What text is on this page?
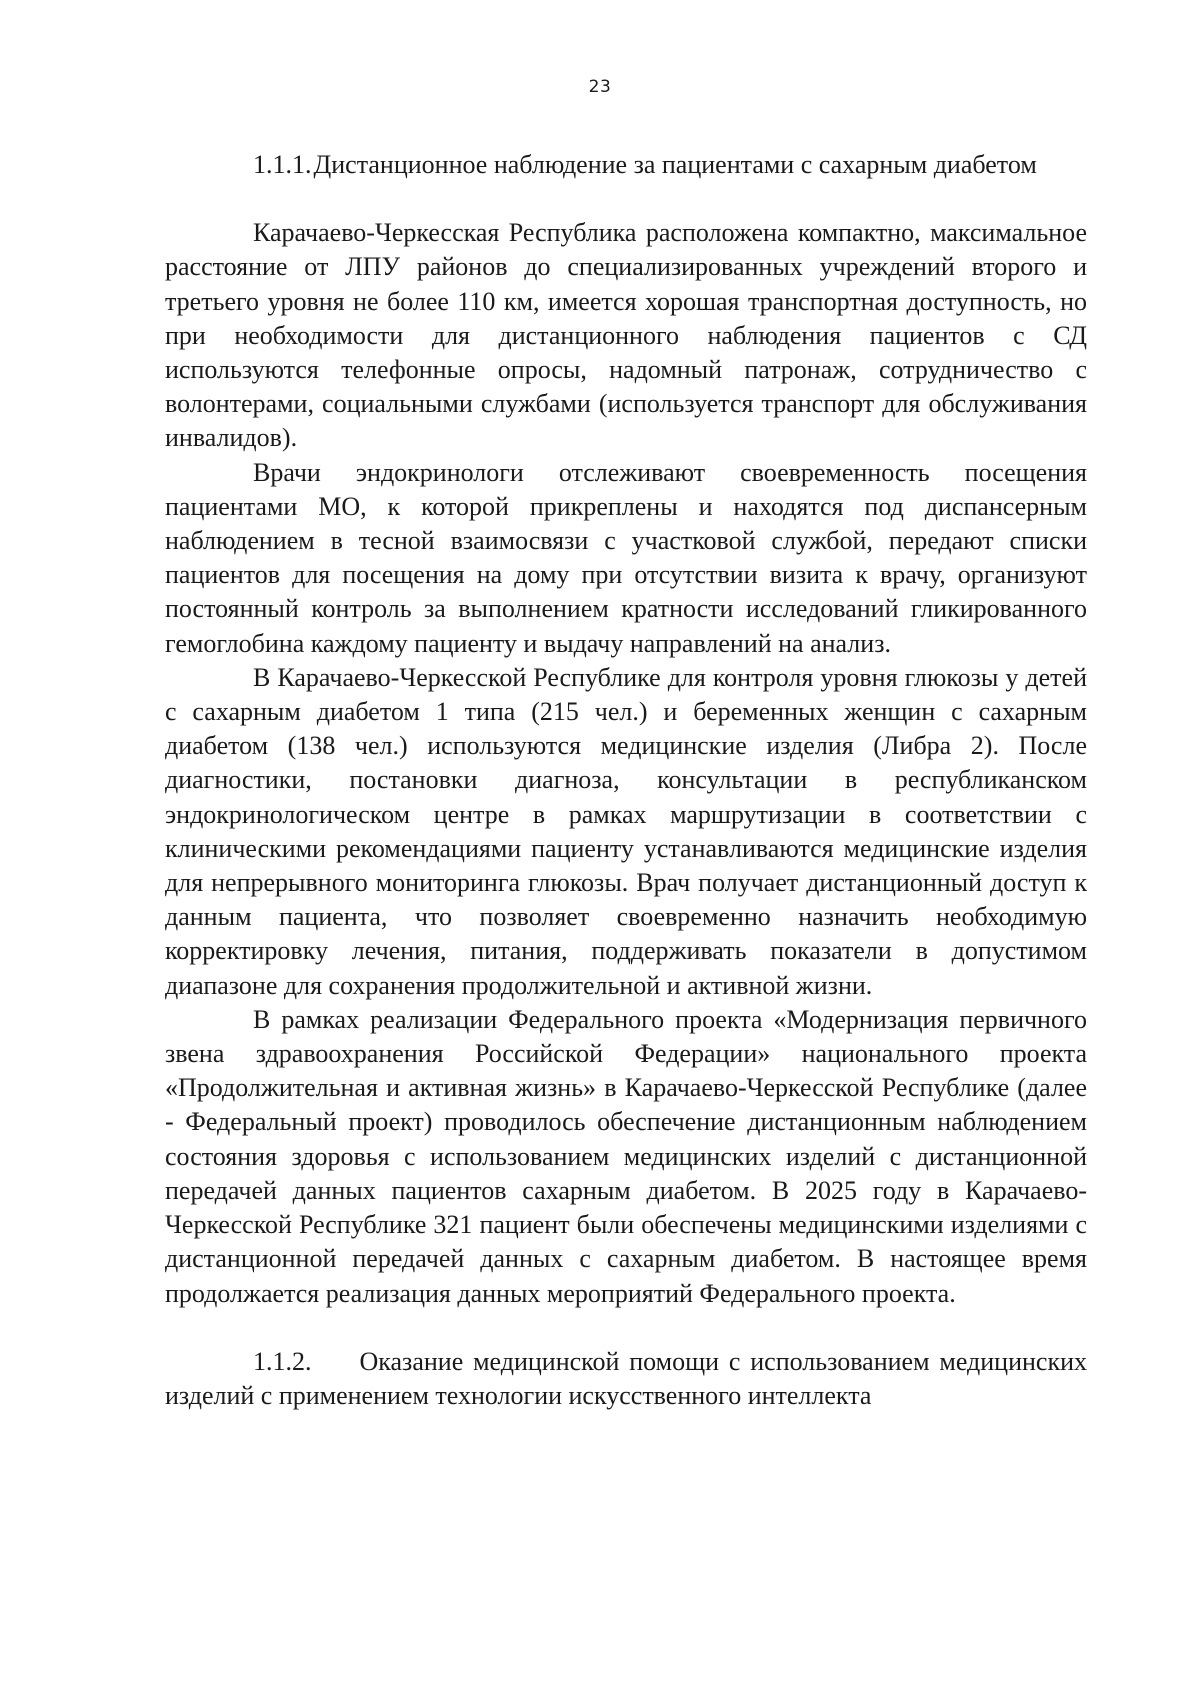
23

1.1.1.Дистанционное наблюдение за пациентами с сахарным диабетом

Карачаево-Черкесская Республика расположена компактно, максимальное расстояние от ЛПУ районов до специализированных учреждений второго и третьего уровня не более 110 км, имеется хорошая транспортная доступность, но при необходимости для дистанционного наблюдения пациентов с СД используются телефонные опросы, надомный патронаж, сотрудничество с волонтерами, социальными службами (используется транспорт для обслуживания инвалидов).

Врачи эндокринологи отслеживают своевременность посещения пациентами МО, к которой прикреплены и находятся под диспансерным наблюдением в тесной взаимосвязи с участковой службой, передают списки пациентов для посещения на дому при отсутствии визита к врачу, организуют постоянный контроль за выполнением кратности исследований гликированного гемоглобина каждому пациенту и выдачу направлений на анализ.

В Карачаево-Черкесской Республике для контроля уровня глюкозы у детей с сахарным диабетом 1 типа (215 чел.) и беременных женщин с сахарным диабетом (138 чел.) используются медицинские изделия (Либра 2). После диагностики, постановки диагноза, консультации в республиканском эндокринологическом центре в рамках маршрутизации в соответствии с клиническими рекомендациями пациенту устанавливаются медицинские изделия для непрерывного мониторинга глюкозы. Врач получает дистанционный доступ к данным пациента, что позволяет своевременно назначить необходимую корректировку лечения, питания, поддерживать показатели в допустимом диапазоне для сохранения продолжительной и активной жизни.

В рамках реализации Федерального проекта «Модернизация первичного звена здравоохранения Российской Федерации» национального проекта «Продолжительная и активная жизнь» в Карачаево-Черкесской Республике (далее - Федеральный проект) проводилось обеспечение дистанционным наблюдением состояния здоровья с использованием медицинских изделий с дистанционной передачей данных пациентов сахарным диабетом. В 2025 году в Карачаево-Черкесской Республике 321 пациент были обеспечены медицинскими изделиями с дистанционной передачей данных с сахарным диабетом. В настоящее время продолжается реализация данных мероприятий Федерального проекта.

1.1.2. Оказание медицинской помощи с использованием медицинских изделий с применением технологии искусственного интеллекта
